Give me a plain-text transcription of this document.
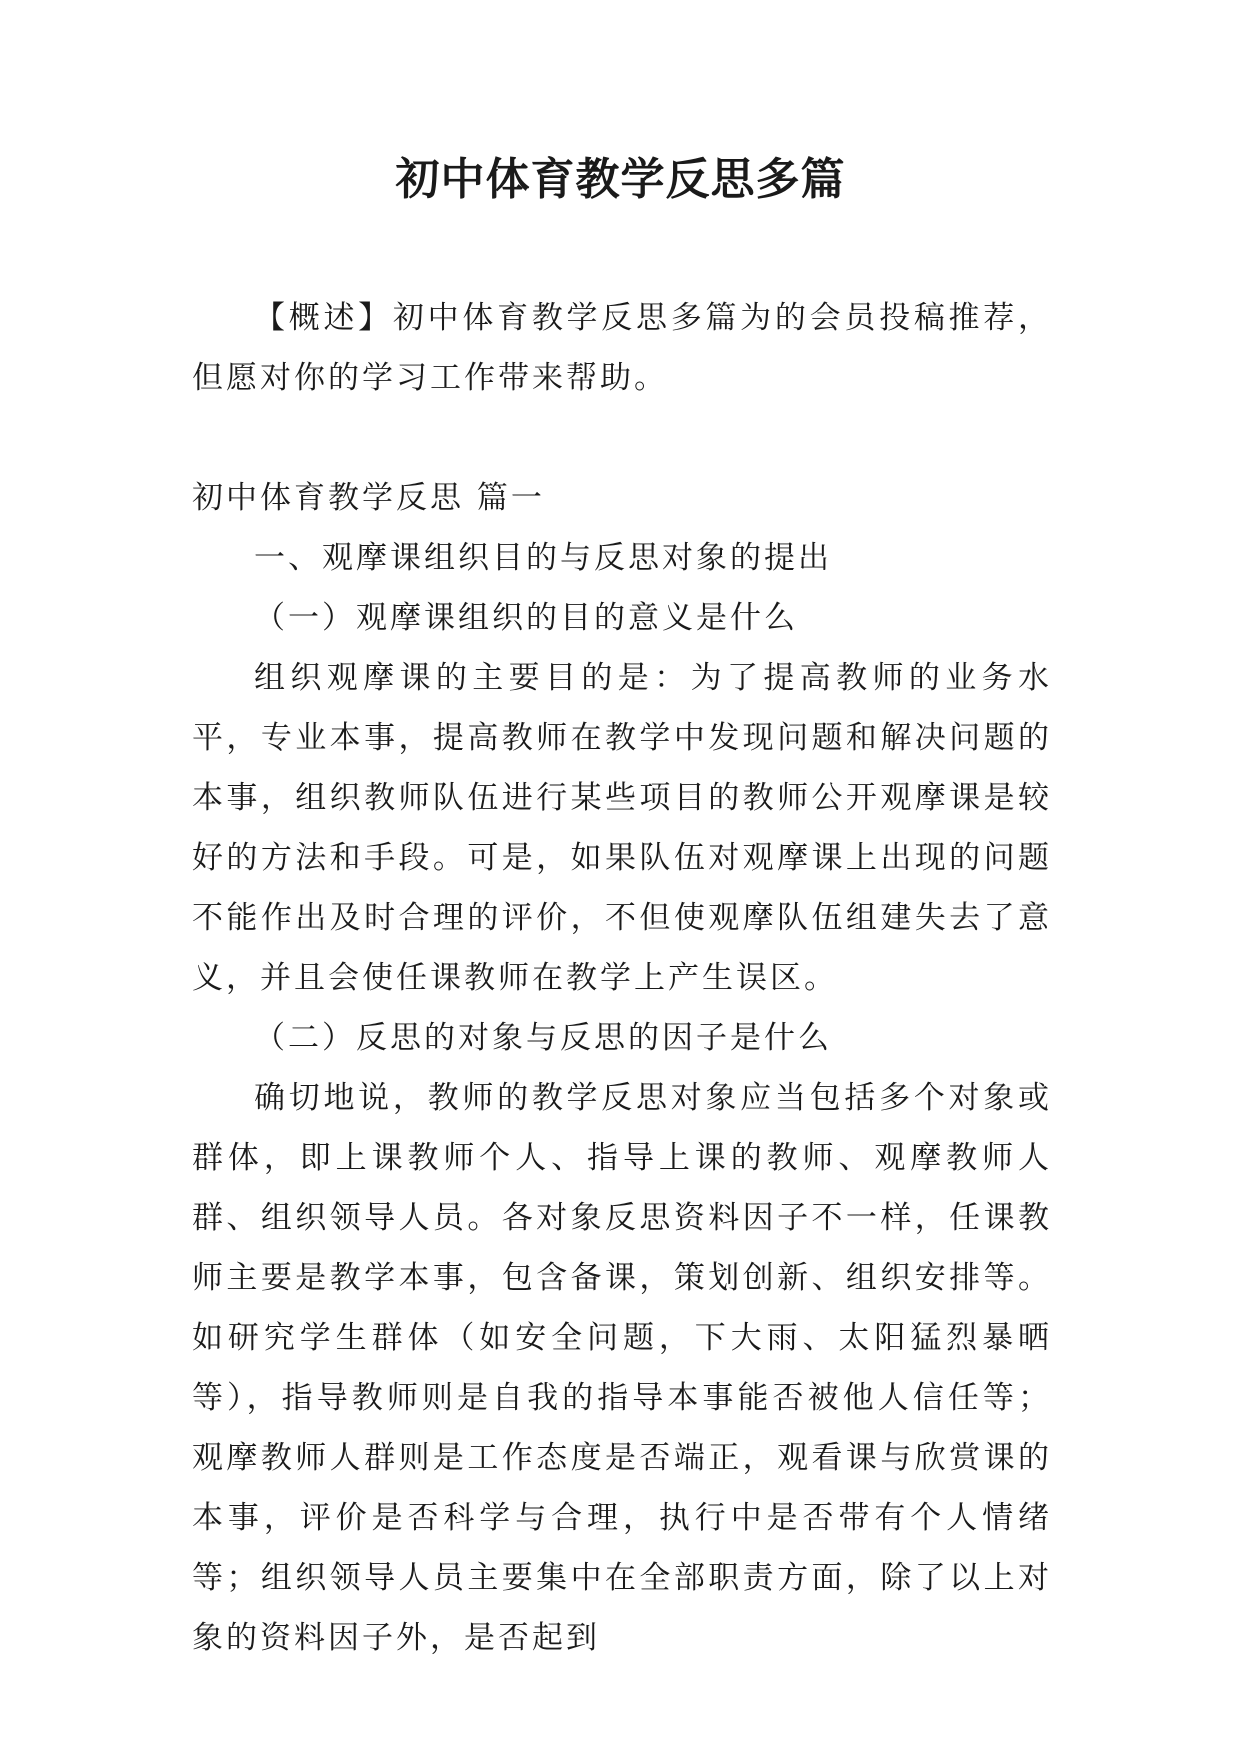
初中体育教学反思多篇

【概述】初中体育教学反思多篇为的会员投稿推荐，但愿对你的学习工作带来帮助。

初中体育教学反思 篇一

一、观摩课组织目的与反思对象的提出

（一）观摩课组织的目的意义是什么

组织观摩课的主要目的是：为了提高教师的业务水平，专业本事，提高教师在教学中发现问题和解决问题的本事，组织教师队伍进行某些项目的教师公开观摩课是较好的方法和手段。可是，如果队伍对观摩课上出现的问题不能作出及时合理的评价，不但使观摩队伍组建失去了意义，并且会使任课教师在教学上产生误区。

（二）反思的对象与反思的因子是什么

确切地说，教师的教学反思对象应当包括多个对象或群体，即上课教师个人、指导上课的教师、观摩教师人群、组织领导人员。各对象反思资料因子不一样，任课教师主要是教学本事，包含备课，策划创新、组织安排等。如研究学生群体（如安全问题，下大雨、太阳猛烈暴晒等），指导教师则是自我的指导本事能否被他人信任等；观摩教师人群则是工作态度是否端正，观看课与欣赏课的本事，评价是否科学与合理，执行中是否带有个人情绪等；组织领导人员主要集中在全部职责方面，除了以上对象的资料因子外，是否起到
